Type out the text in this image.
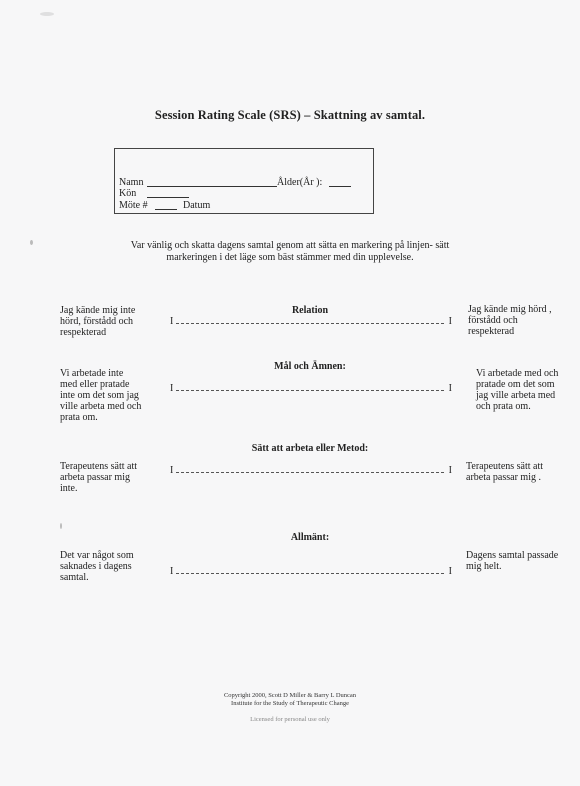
Session Rating Scale (SRS) – Skattning av samtal.
Namn	Ålder(År ):
Kön
Möte #	Datum
Var vänlig och skatta dagens samtal genom att sätta en markering på linjen- sätt
markeringen i det läge som bäst stämmer med din upplevelse.
Jag kände mig inte
hörd, förstådd och
respekterad
Relation
I	I
Jag kände mig hörd ,
förstådd och
respekterad
Vi arbetade inte
med eller pratade
inte om det som jag
ville arbeta med och
prata om.
Mål och Ämnen:
I	I
Vi arbetade med och
pratade om det som
jag ville arbeta med
och prata om.
Terapeutens sätt att
arbeta passar mig
inte.
Sätt att arbeta eller Metod:
I	I Terapeutens sätt att
arbeta passar mig .
Det var något som
saknades i dagens
samtal.
Allmänt:
I	I
Dagens samtal passade
mig helt.
Copyright 2000, Scott D Miller & Barry L Duncan
Institute for the Study of Therapeutic Change
Licensed for personal use only
